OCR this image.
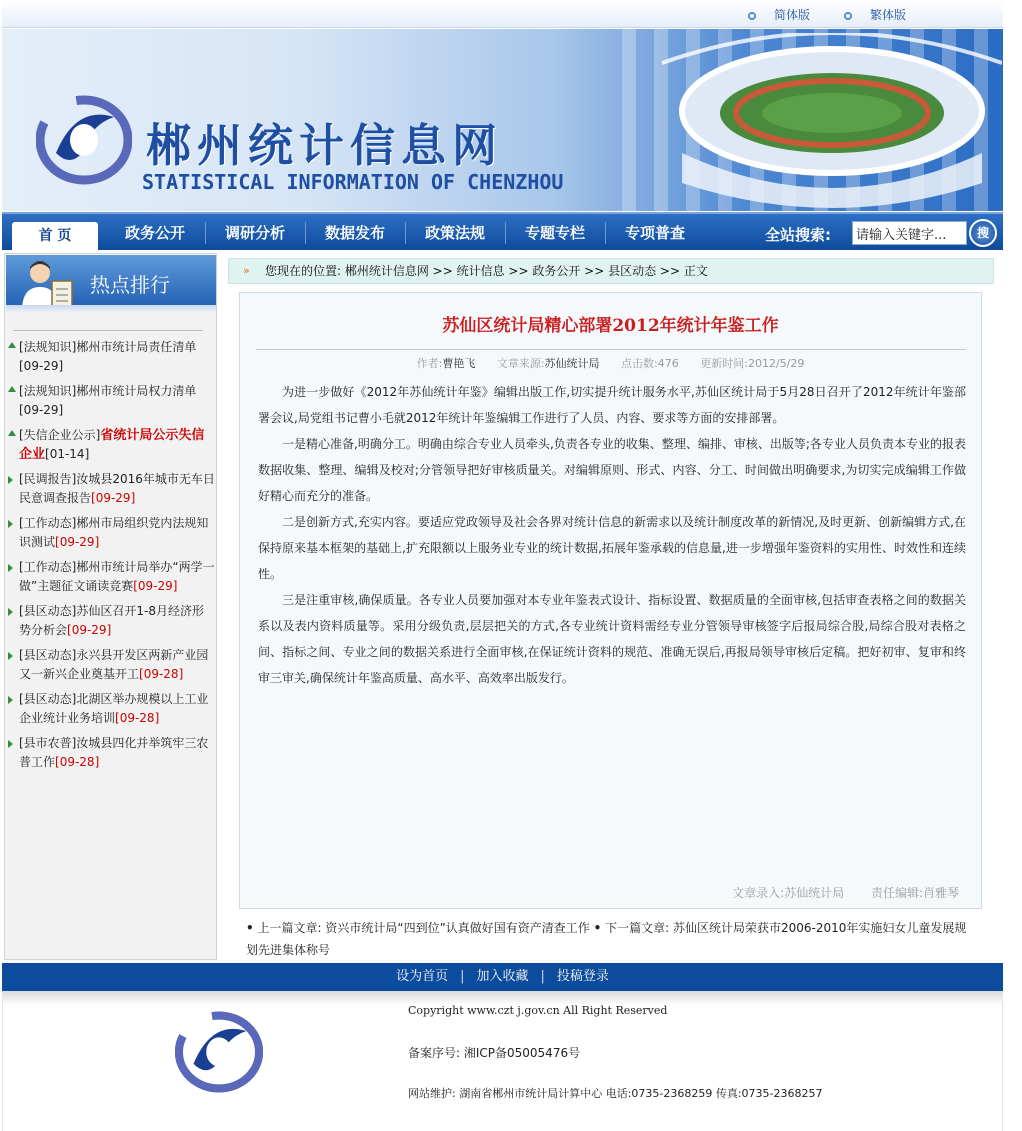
简体版	繁体版
郴州统计信息网
STATISTICAL INFORMATION OF CHENZHOU
首 页	政务公开	调研分析	数据发布	政策法规	专题专栏	专项普查	全站搜索:
请输入关键字...	搜
热点排行
[法规知识]郴州市统计局责任清单
[09-29]
[法规知识]郴州市统计局权力清单
[09-29]
[失信企业公示]省统计局公示失信企业[01-14]
[民调报告]汝城县2016年城市无车日民意调查报告[09-29]
[工作动态]郴州市局组织党内法规知识测试[09-29]
[工作动态]郴州市统计局举办“两学一做”主题征文诵读竞赛[09-29]
[县区动态]苏仙区召开1-8月经济形势分析会[09-29]
[县区动态]永兴县开发区两新产业园又一新兴企业奠基开工[09-28]
[县区动态]北湖区举办规模以上工业企业统计业务培训[09-28]
[县市农普]汝城县四化并举筑牢三农普工作[09-28]
» 您现在的位置: 郴州统计信息网 >> 统计信息 >> 政务公开 >> 县区动态 >> 正文
苏仙区统计局精心部署2012年统计年鉴工作
作者:曹艳飞 文章来源:苏仙统计局 点击数:476 更新时间:2012/5/29

为进一步做好《2012年苏仙统计年鉴》编辑出版工作,切实提升统计服务水平,苏仙区统计局于5月28日召开了2012年统计年鉴部署会议,局党组书记曹小毛就2012年统计年鉴编辑工作进行了人员、内容、要求等方面的安排部署。

一是精心准备,明确分工。明确由综合专业人员牵头,负责各专业的收集、整理、编排、审核、出版等;各专业人员负责本专业的报表数据收集、整理、编辑及校对;分管领导把好审核质量关。对编辑原则、形式、内容、分工、时间做出明确要求,为切实完成编辑工作做好精心而充分的准备。

二是创新方式,充实内容。要适应党政领导及社会各界对统计信息的新需求以及统计制度改革的新情况,及时更新、创新编辑方式,在保持原来基本框架的基础上,扩充限额以上服务业专业的统计数据,拓展年鉴承载的信息量,进一步增强年鉴资料的实用性、时效性和连续性。

三是注重审核,确保质量。各专业人员要加强对本专业年鉴表式设计、指标设置、数据质量的全面审核,包括审查表格之间的数据关系以及表内资料质量等。采用分级负责,层层把关的方式,各专业统计资料需经专业分管领导审核签字后报局综合股,局综合股对表格之间、指标之间、专业之间的数据关系进行全面审核,在保证统计资料的规范、准确无误后,再报局领导审核后定稿。把好初审、复审和终审三审关,确保统计年鉴高质量、高水平、高效率出版发行。

文章录入:苏仙统计局 责任编辑:肖雅琴
• 上一篇文章: 资兴市统计局“四到位”认真做好国有资产清查工作 • 下一篇文章: 苏仙区统计局荣获市2006-2010年实施妇女儿童发展规划先进集体称号
设为首页 | 加入收藏 | 投稿登录
Copyright www.czt j.gov.cn All Right Reserved
备案序号: 湘ICP备05005476号
网站维护: 湖南省郴州市统计局计算中心 电话:0735-2368259 传真:0735-2368257
